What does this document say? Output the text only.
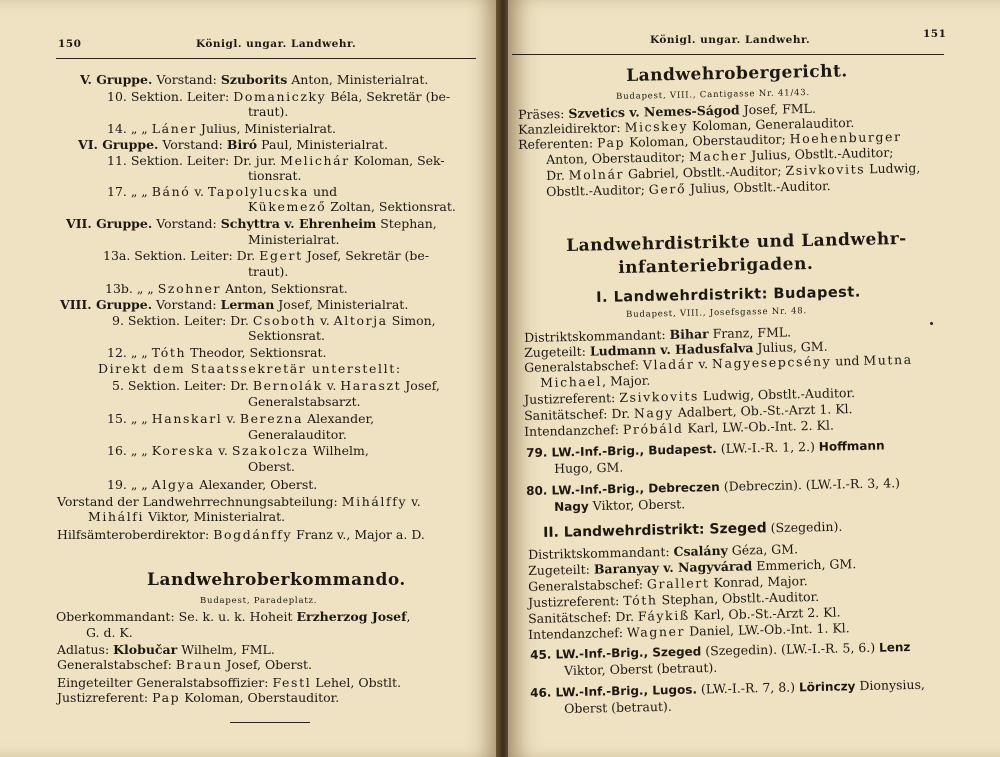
150	Königl. ungar. Landwehr.
V. Gruppe. Vorstand: Szuborits Anton, Ministerialrat.
10. Sektion. Leiter: Domaniczky Béla, Sekretär (be-
traut).
14. „ „ Láner Julius, Ministerialrat.
VI. Gruppe. Vorstand: Biró Paul, Ministerialrat.
11. Sektion. Leiter: Dr. jur. Melichár Koloman, Sek-
tionsrat.
17. „ „ Bánó v. Tapolylucska und
Kükemező Zoltan, Sektionsrat.
VII. Gruppe. Vorstand: Schyttra v. Ehrenheim Stephan,
Ministerialrat.
13a. Sektion. Leiter: Dr. Egert Josef, Sekretär (be-
traut).
13b. „ „ Szohner Anton, Sektionsrat.
VIII. Gruppe. Vorstand: Lerman Josef, Ministerialrat.
9. Sektion. Leiter: Dr. Csoboth v. Altorja Simon,
Sektionsrat.
12. „ „ Tóth Theodor, Sektionsrat.
Direkt dem Staatssekretär unterstellt:
5. Sektion. Leiter: Dr. Bernolák v. Haraszt Josef,
Generalstabsarzt.
15. „ „ Hanskarl v. Berezna Alexander,
Generalauditor.
16. „ „ Koreska v. Szakolcza Wilhelm,
Oberst.
19. „ „ Algya Alexander, Oberst.
Vorstand der Landwehrrechnungsabteilung: Mihálffy v.
Mihálfi Viktor, Ministerialrat.
Hilfsämteroberdirektor: Bogdánffy Franz v., Major a. D.
Landwehroberkommando.
Budapest, Paradeplatz.
Oberkommandant: Se. k. u. k. Hoheit Erzherzog Josef,
G. d. K.
Adlatus: Klobučar Wilhelm, FML.
Generalstabschef: Braun Josef, Oberst.
Eingeteilter Generalstabsoffizier: Festl Lehel, Obstlt.
Justizreferent: Pap Koloman, Oberstauditor.
Königl. ungar. Landwehr.	151
Landwehrobergericht.
Budapest, VIII., Cantigasse Nr. 41/43.
Präses: Szvetics v. Nemes-Ságod Josef, FML.
Kanzleidirektor: Micskey Koloman, Generalauditor.
Referenten: Pap Koloman, Oberstauditor; Hoehenburger
Anton, Oberstauditor; Macher Julius, Obstlt.-Auditor;
Dr. Molnár Gabriel, Obstlt.-Auditor; Zsivkovits Ludwig,
Obstlt.-Auditor; Gerő Julius, Obstlt.-Auditor.
Landwehrdistrikte und Landwehr-
infanteriebrigaden.
I. Landwehrdistrikt: Budapest.
Budapest, VIII., Josefsgasse Nr. 48.
Distriktskommandant: Bihar Franz, FML.
Zugeteilt: Ludmann v. Hadusfalva Julius, GM.
Generalstabschef: Vladár v. Nagyesepcsény und Mutna
Michael, Major.
Justizreferent: Zsivkovits Ludwig, Obstlt.-Auditor.
Sanitätschef: Dr. Nagy Adalbert, Ob.-St.-Arzt 1. Kl.
Intendanzchef: Próbáld Karl, LW.-Ob.-Int. 2. Kl.
79. LW.-Inf.-Brig., Budapest. (LW.-I.-R. 1, 2.) Hoffmann
Hugo, GM.
80. LW.-Inf.-Brig., Debreczen (Debreczin). (LW.-I.-R. 3, 4.)
Nagy Viktor, Oberst.
II. Landwehrdistrikt: Szeged (Szegedin).
Distriktskommandant: Csalány Géza, GM.
Zugeteilt: Baranyay v. Nagyvárad Emmerich, GM.
Generalstabschef: Grallert Konrad, Major.
Justizreferent: Tóth Stephan, Obstlt.-Auditor.
Sanitätschef: Dr. Fáykiß Karl, Ob.-St.-Arzt 2. Kl.
Intendanzchef: Wagner Daniel, LW.-Ob.-Int. 1. Kl.
45. LW.-Inf.-Brig., Szeged (Szegedin). (LW.-I.-R. 5, 6.) Lenz
Viktor, Oberst (betraut).
46. LW.-Inf.-Brig., Lugos. (LW.-I.-R. 7, 8.) Lörinczy Dionysius,
Oberst (betraut).
